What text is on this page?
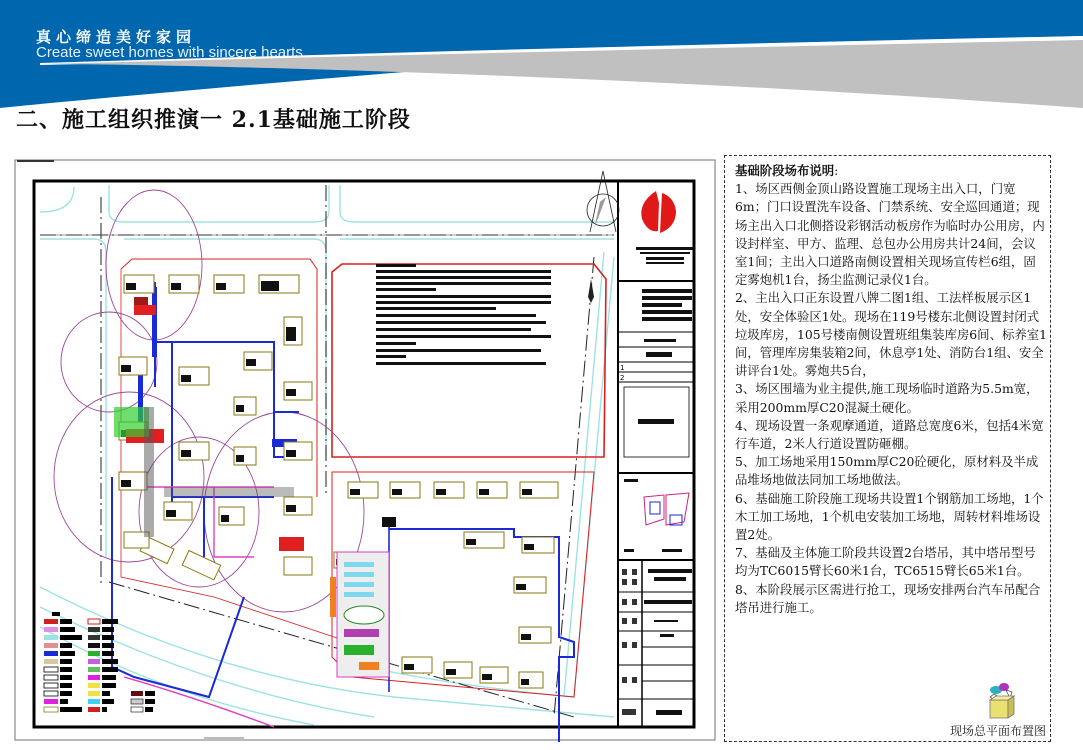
真心缔造美好家园
Create sweet homes with sincere hearts
二、施工组织推演一 2.1基础施工阶段
1
2
基础阶段场布说明:
1、场区西侧金顶山路设置施工现场主出入口，门宽6m；门口设置洗车设备、门禁系统、安全巡回通道；现场主出入口北侧搭设彩钢活动板房作为临时办公用房，内设封样室、甲方、监理、总包办公用房共计24间，会议室1间；主出入口道路南侧设置相关现场宣传栏6组，固定雾炮机1台，扬尘监测记录仪1台。
2、主出入口正东设置八牌二图1组、工法样板展示区1处，安全体验区1处。现场在119号楼东北侧设置封闭式垃圾库房，105号楼南侧设置班组集装库房6间、标养室1间，管理库房集装箱2间，休息亭1处、消防台1组、安全讲评台1处。雾炮共5台，
3、场区围墙为业主提供,施工现场临时道路为5.5m宽，采用200mm厚C20混凝土硬化。
4、现场设置一条观摩通道，道路总宽度6米，包括4米宽行车道，2米人行道设置防砸棚。
5、加工场地采用150mm厚C20砼硬化，原材料及半成品堆场地做法同加工场地做法。
6、基础施工阶段施工现场共设置1个钢筋加工场地，1个木工加工场地，1个机电安装加工场地，周转材料堆场设置2处。
7、基础及主体施工阶段共设置2台塔吊，其中塔吊型号均为TC6015臂长60米1台，TC6515臂长65米1台。
8、本阶段展示区需进行抢工，现场安排两台汽车吊配合塔吊进行施工。
现场总平面布置图
